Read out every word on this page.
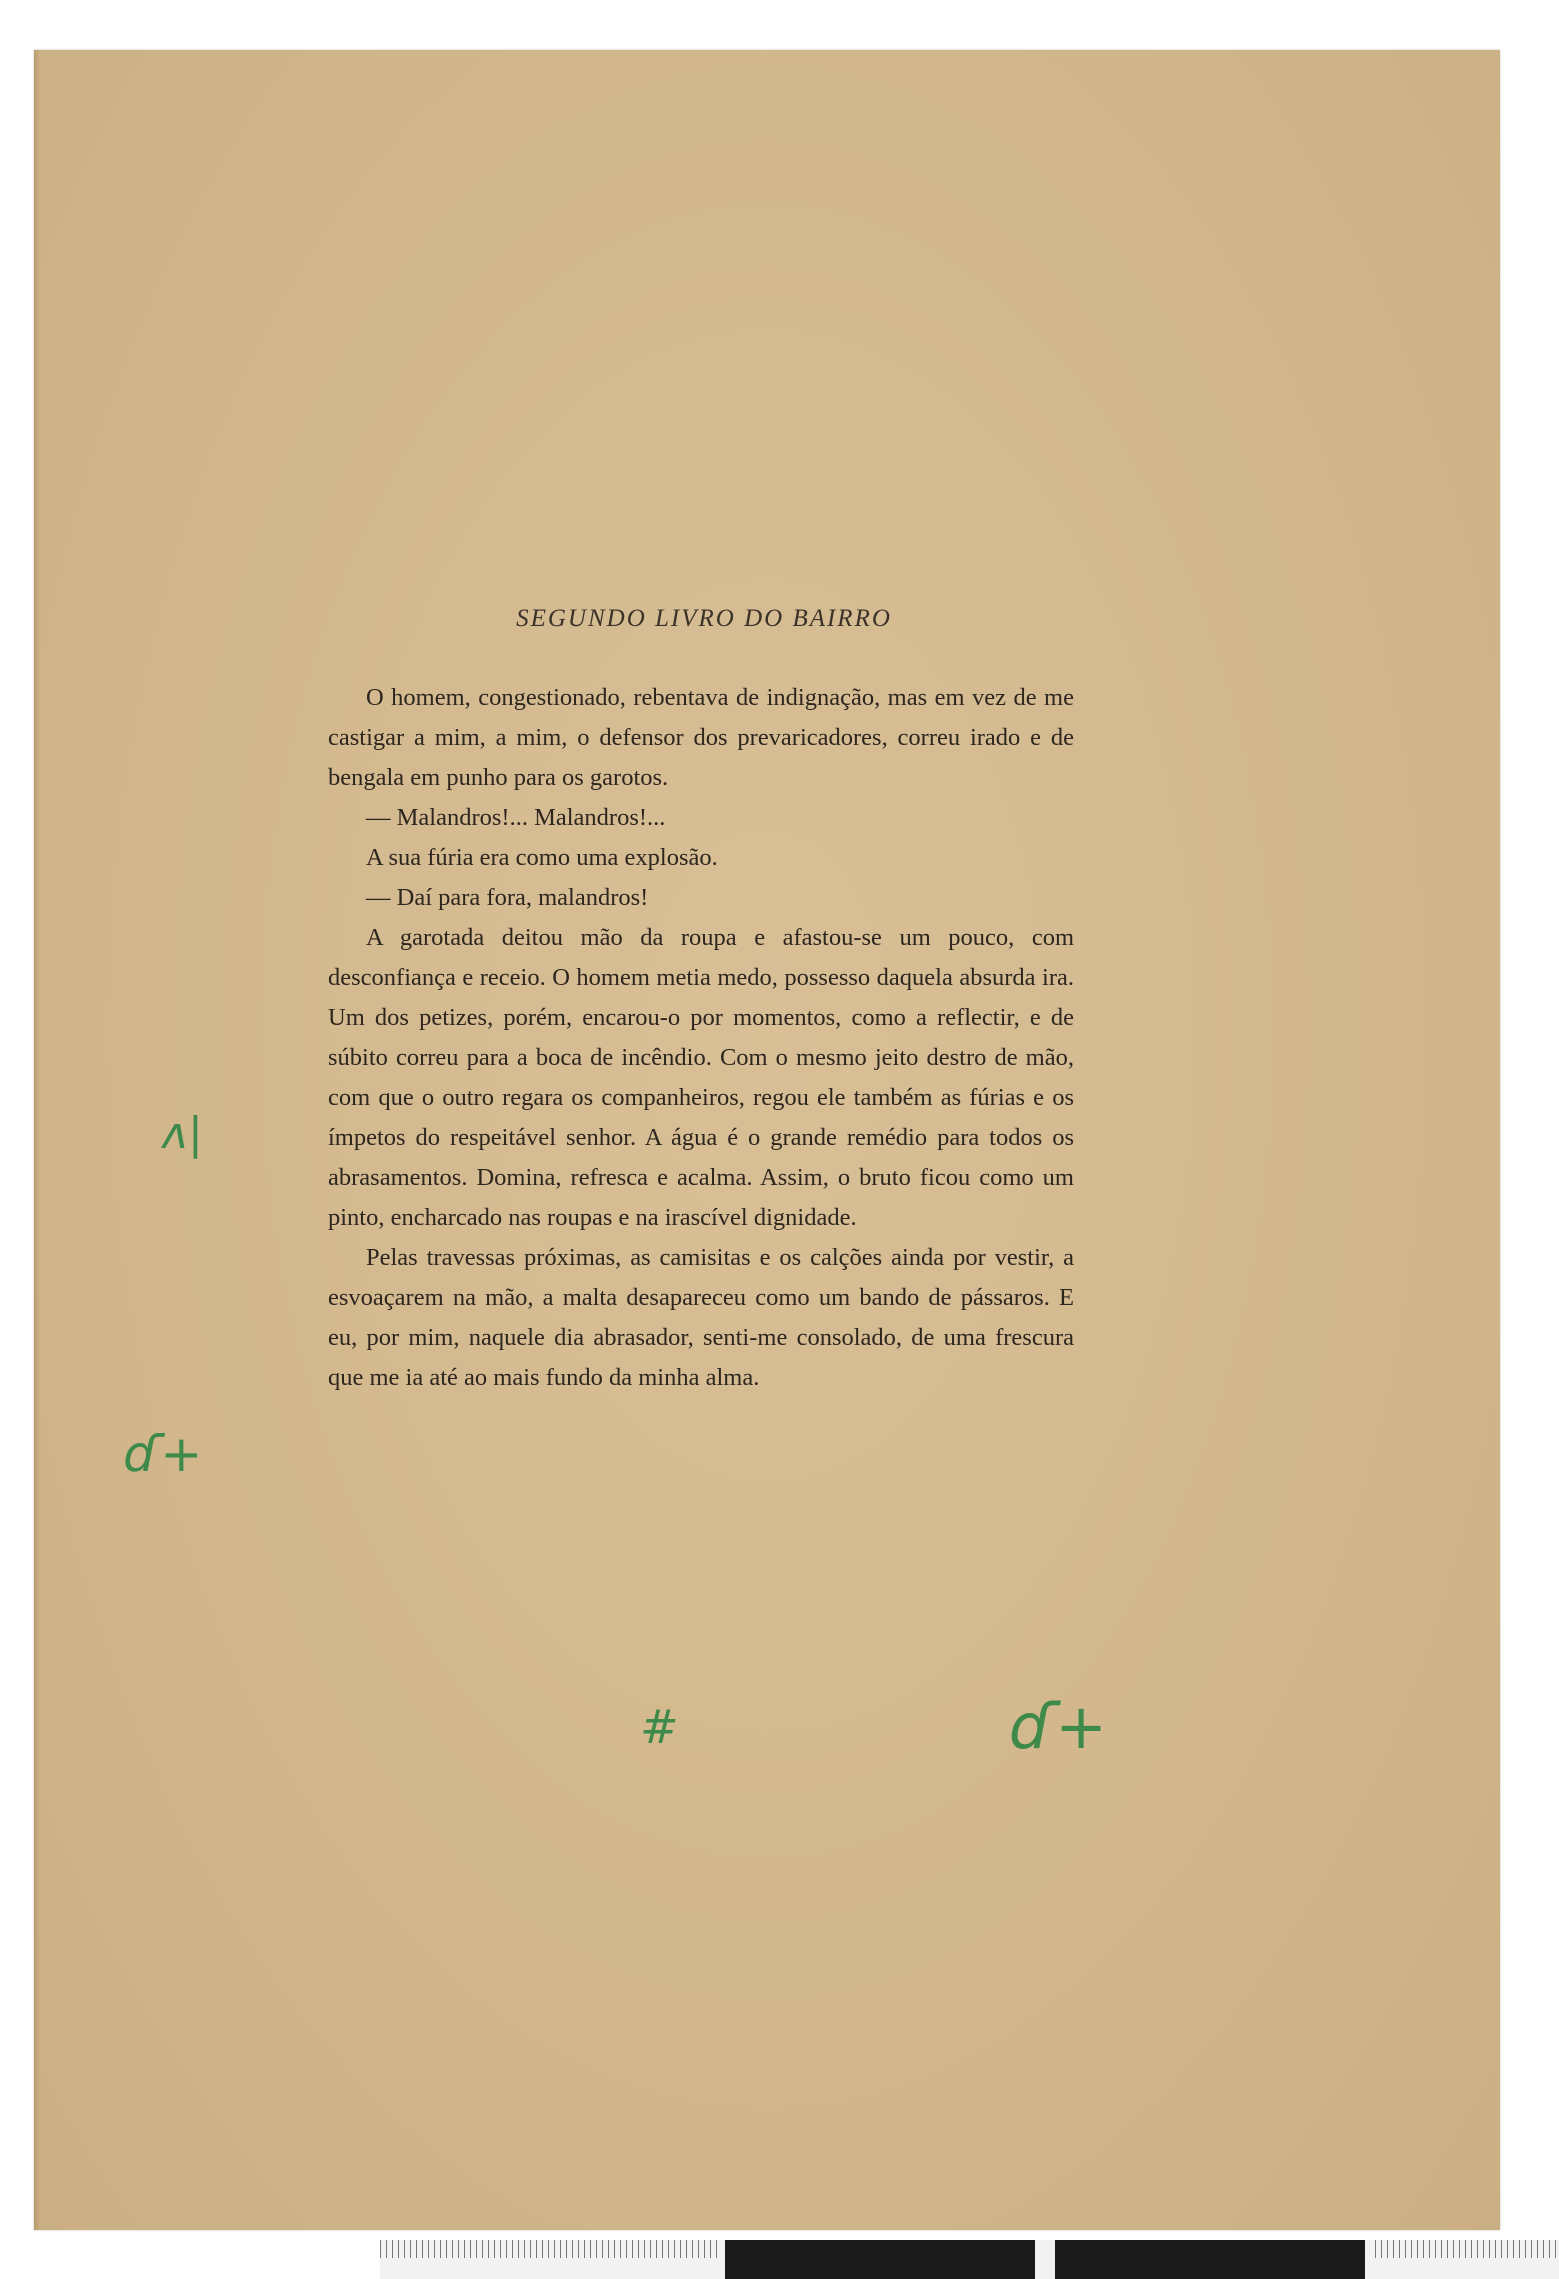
SEGUNDO LIVRO DO BAIRRO

O homem, congestionado, rebentava de indignação, mas em vez de me castigar a mim, a mim, o defensor dos prevaricadores, correu irado e de bengala em punho para os garotos.

— Malandros!... Malandros!...

A sua fúria era como uma explosão.

— Daí para fora, malandros!

A garotada deitou mão da roupa e afastou-se um pouco, com desconfiança e receio. O homem metia medo, possesso daquela absurda ira. Um dos petizes, porém, encarou-o por momentos, como a reflectir, e de súbito correu para a boca de incêndio. Com o mesmo jeito destro de mão, com que o outro regara os companheiros, regou ele também as fúrias e os ímpetos do respeitável senhor. A água é o grande remédio para todos os abrasamentos. Domina, refresca e acalma. Assim, o bruto ficou como um pinto, encharcado nas roupas e na irascível dignidade.

Pelas travessas próximas, as camisitas e os calções ainda por vestir, a esvoaçarem na mão, a malta desapareceu como um bando de pássaros. E eu, por mim, naquele dia abrasador, senti-me consolado, de uma frescura que me ia até ao mais fundo da minha alma.

ʌ|
ɗ+
#	ɗ+
